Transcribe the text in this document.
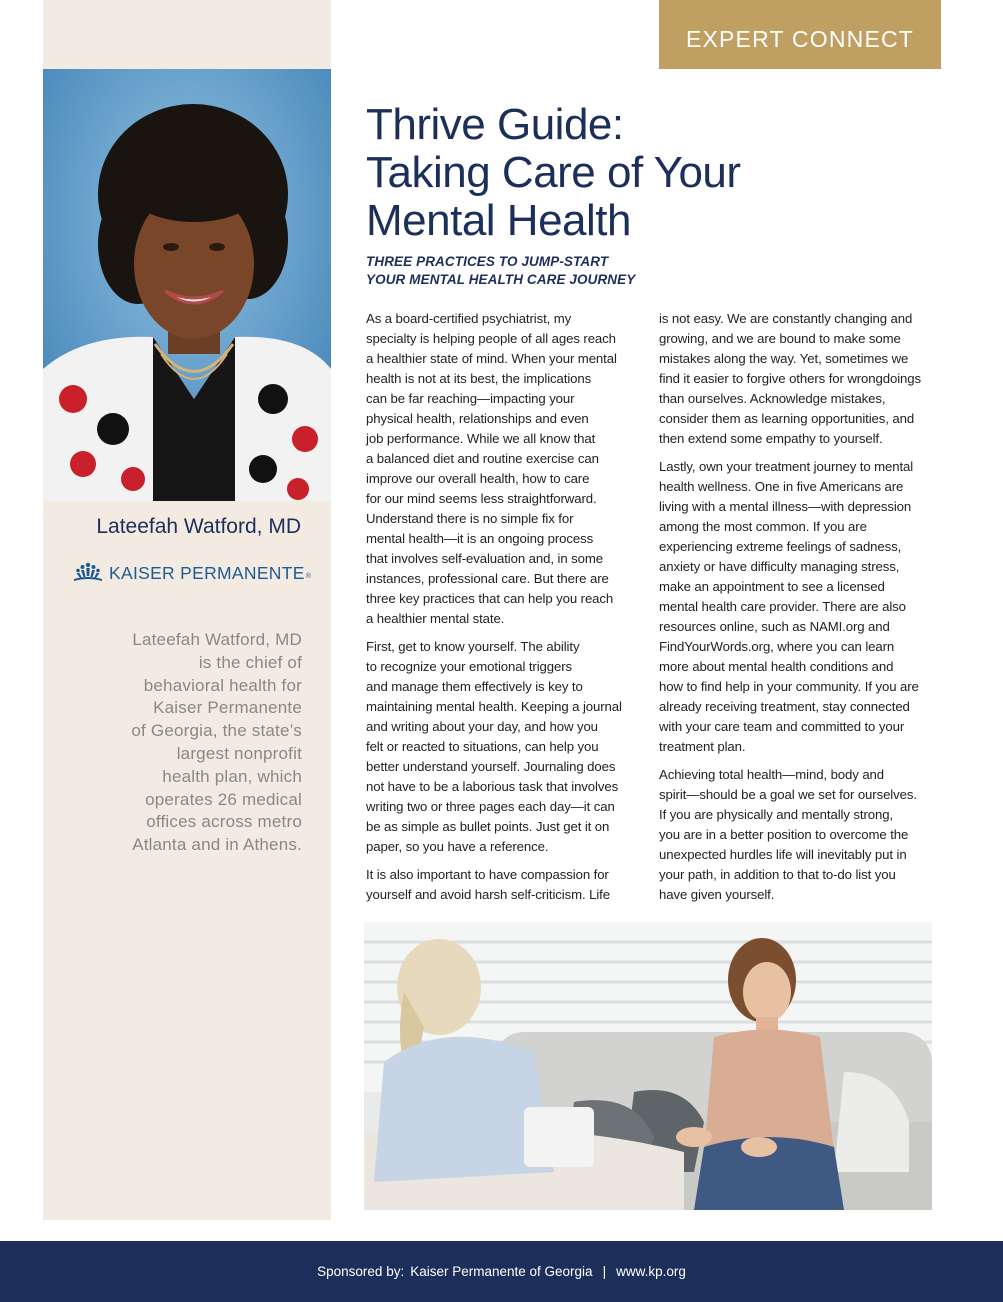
Lateefah Watford, MD
KAISER PERMANENTE ®
Lateefah Watford, MD
is the chief of
behavioral health for
Kaiser Permanente
of Georgia, the state’s
largest nonprofit
health plan, which
operates 26 medical
offices across metro
Atlanta and in Athens.
EXPERT CONNECT
Thrive Guide:
Taking Care of Your
Mental Health
THREE PRACTICES TO JUMP-START
YOUR MENTAL HEALTH CARE JOURNEY

As a board-certified psychiatrist, my
specialty is helping people of all ages reach
a healthier state of mind. When your mental
health is not at its best, the implications
can be far reaching—impacting your
physical health, relationships and even
job performance. While we all know that
a balanced diet and routine exercise can
improve our overall health, how to care
for our mind seems less straightforward.
Understand there is no simple fix for
mental health—it is an ongoing process
that involves self-evaluation and, in some
instances, professional care. But there are
three key practices that can help you reach
a healthier mental state.

First, get to know yourself. The ability
to recognize your emotional triggers
and manage them effectively is key to
maintaining mental health. Keeping a journal
and writing about your day, and how you
felt or reacted to situations, can help you
better understand yourself. Journaling does
not have to be a laborious task that involves
writing two or three pages each day—it can
be as simple as bullet points. Just get it on
paper, so you have a reference.

It is also important to have compassion for
yourself and avoid harsh self-criticism. Life

is not easy. We are constantly changing and
growing, and we are bound to make some
mistakes along the way. Yet, sometimes we
find it easier to forgive others for wrongdoings
than ourselves. Acknowledge mistakes,
consider them as learning opportunities, and
then extend some empathy to yourself.

Lastly, own your treatment journey to mental
health wellness. One in five Americans are
living with a mental illness—with depression
among the most common. If you are
experiencing extreme feelings of sadness,
anxiety or have difficulty managing stress,
make an appointment to see a licensed
mental health care provider. There are also
resources online, such as NAMI.org and
FindYourWords.org, where you can learn
more about mental health conditions and
how to find help in your community. If you are
already receiving treatment, stay connected
with your care team and committed to your
treatment plan.

Achieving total health—mind, body and
spirit—should be a goal we set for ourselves.
If you are physically and mentally strong,
you are in a better position to overcome the
unexpected hurdles life will inevitably put in
your path, in addition to that to-do list you
have given yourself.

Sponsored by: Kaiser Permanente of Georgia | www.kp.org
